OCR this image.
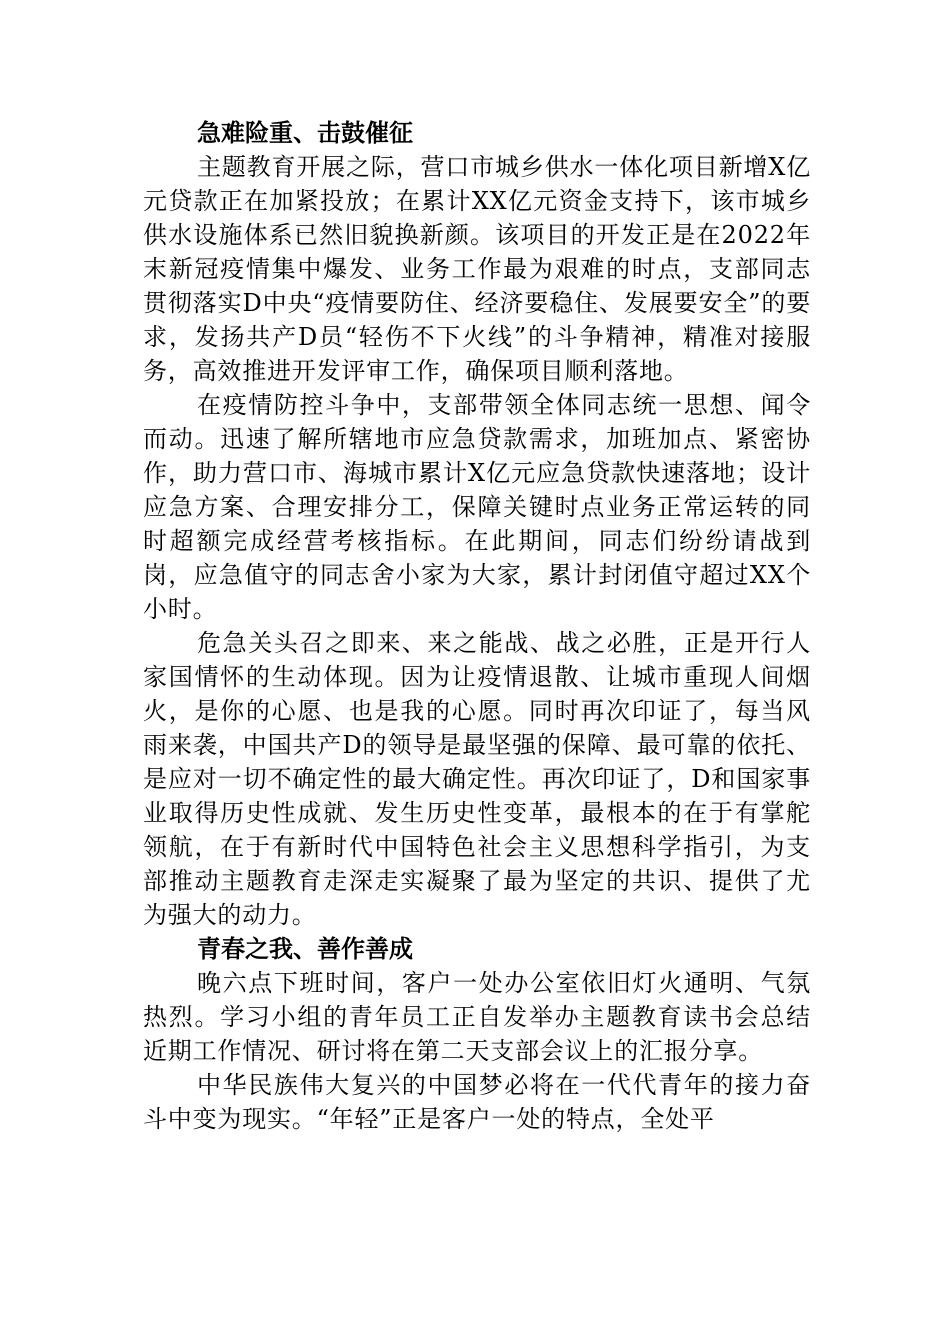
急难险重、击鼓催征

主题教育开展之际，营口市城乡供水一体化项目新增X亿元贷款正在加紧投放；在累计XX亿元资金支持下，该市城乡供水设施体系已然旧貌换新颜。该项目的开发正是在2022年末新冠疫情集中爆发、业务工作最为艰难的时点，支部同志贯彻落实D中央“疫情要防住、经济要稳住、发展要安全”的要求，发扬共产D员“轻伤不下火线”的斗争精神，精准对接服务，高效推进开发评审工作，确保项目顺利落地。

在疫情防控斗争中，支部带领全体同志统一思想、闻令而动。迅速了解所辖地市应急贷款需求，加班加点、紧密协作，助力营口市、海城市累计X亿元应急贷款快速落地；设计应急方案、合理安排分工，保障关键时点业务正常运转的同时超额完成经营考核指标。在此期间，同志们纷纷请战到岗，应急值守的同志舍小家为大家，累计封闭值守超过XX个小时。

危急关头召之即来、来之能战、战之必胜，正是开行人家国情怀的生动体现。因为让疫情退散、让城市重现人间烟火，是你的心愿、也是我的心愿。同时再次印证了，每当风雨来袭，中国共产D的领导是最坚强的保障、最可靠的依托、是应对一切不确定性的最大确定性。再次印证了，D和国家事业取得历史性成就、发生历史性变革，最根本的在于有掌舵领航，在于有新时代中国特色社会主义思想科学指引，为支部推动主题教育走深走实凝聚了最为坚定的共识、提供了尤为强大的动力。

青春之我、善作善成

晚六点下班时间，客户一处办公室依旧灯火通明、气氛热烈。学习小组的青年员工正自发举办主题教育读书会总结近期工作情况、研讨将在第二天支部会议上的汇报分享。

中华民族伟大复兴的中国梦必将在一代代青年的接力奋斗中变为现实。“年轻”正是客户一处的特点，全处平
